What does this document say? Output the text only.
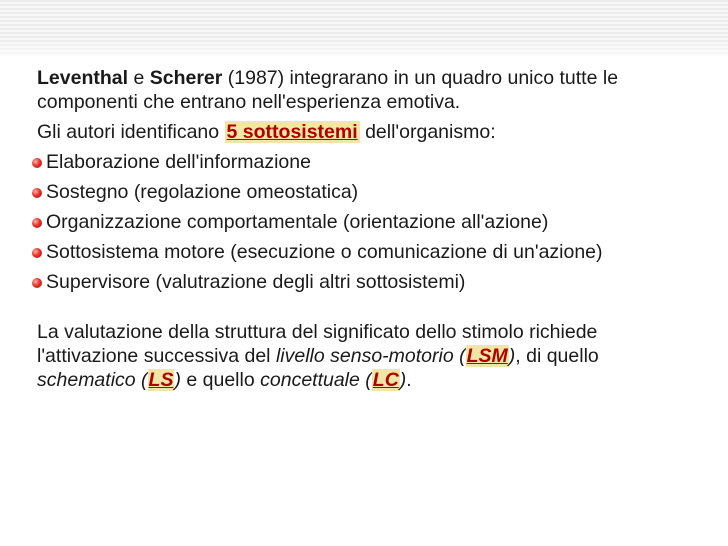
Leventhal e Scherer (1987) integrarano in un quadro unico tutte le componenti che entrano nell'esperienza emotiva.

Gli autori identificano 5 sottosistemi dell'organismo:

Elaborazione dell'informazione
Sostegno (regolazione omeostatica)
Organizzazione comportamentale (orientazione all'azione)
Sottosistema motore (esecuzione o comunicazione di un'azione)
Supervisore (valutrazione degli altri sottosistemi)

La valutazione della struttura del significato dello stimolo richiede l'attivazione successiva del livello senso-motorio (LSM), di quello schematico (LS) e quello concettuale (LC).
